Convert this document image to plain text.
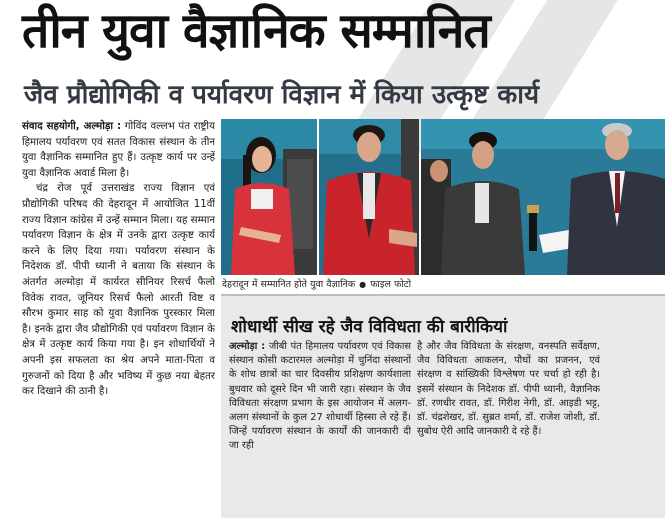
तीन युवा वैज्ञानिक सम्मानित
जैव प्रौद्योगिकी व पर्यावरण विज्ञान में किया उत्कृष्ट कार्य

संवाद सहयोगी, अल्मोड़ा : गोविंद वल्लभ पंत राष्ट्रीय हिमालय पर्यावरण एवं सतत विकास संस्थान के तीन युवा वैज्ञानिक सम्मानित हुए हैं। उत्कृष्ट कार्य पर उन्हें युवा वैज्ञानिक अवार्ड मिला है।

चंद्र रोज पूर्व उत्तराखंड राज्य विज्ञान एवं प्रौद्योगिकी परिषद की देहरादून में आयोजित 11वीं राज्य विज्ञान कांग्रेस में उन्हें सम्मान मिला। यह सम्मान पर्यावरण विज्ञान के क्षेत्र में उनके द्वारा उत्कृष्ट कार्य करने के लिए दिया गया। पर्यावरण संस्थान के निदेशक डॉ. पीपी ध्यानी ने बताया कि संस्थान के अंतर्गत अल्मोड़ा में कार्यरत सीनियर रिसर्च फैलो विवेक रावत, जूनियर रिसर्च फैलो आरती विष्ट व सौरभ कुमार साह को युवा वैज्ञानिक पुरस्कार मिला है। इनके द्वारा जैव प्रौद्योगिकी एवं पर्यावरण विज्ञान के क्षेत्र में उत्कृष्ट कार्य किया गया है। इन शोधार्थियों ने अपनी इस सफलता का श्रेय अपने माता-पिता व गुरुजनों को दिया है और भविष्य में कुछ नया बेहतर कर दिखाने की ठानी है।

देहरादून में सम्मानित होते युवा वैज्ञानिक ● फाइल फोटो
शोधार्थी सीख रहे जैव विविधता की बारीकियां
अल्मोड़ा : जीबी पंत हिमालय पर्यावरण एवं विकास संस्थान कोसी कटारमल अल्मोड़ा में चुनिंदा संस्थानों के शोध छात्रों का चार दिवसीय प्रशिक्षण कार्यशाला बुधवार को दूसरे दिन भी जारी रहा। संस्थान के जैव विविधता संरक्षण प्रभाग के इस आयोजन में अलग-अलग संस्थानों के कुल 27 शोधार्थी हिस्सा ले रहे हैं। जिन्हें पर्यावरण संस्थान के कार्यों की जानकारी दी जा रही
है और जैव विविधता के संरक्षण, वनस्पति सर्वेक्षण, जैव विविधता आकलन, पौधों का प्रजनन, एवं संरक्षण व सांख्यिकी विश्लेषण पर चर्चा हो रही है। इसमें संस्थान के निदेशक डॉ. पीपी ध्यानी, वैज्ञानिक डॉ. रणधीर रावत, डॉ. गिरीश नेगी, डॉ. आइडी भट्ट, डॉ. चंद्रशेखर, डॉ. सुब्रत शर्मा, डॉ. राजेश जोशी, डॉ. सुबोध ऐरी आदि जानकारी दे रहे हैं।
